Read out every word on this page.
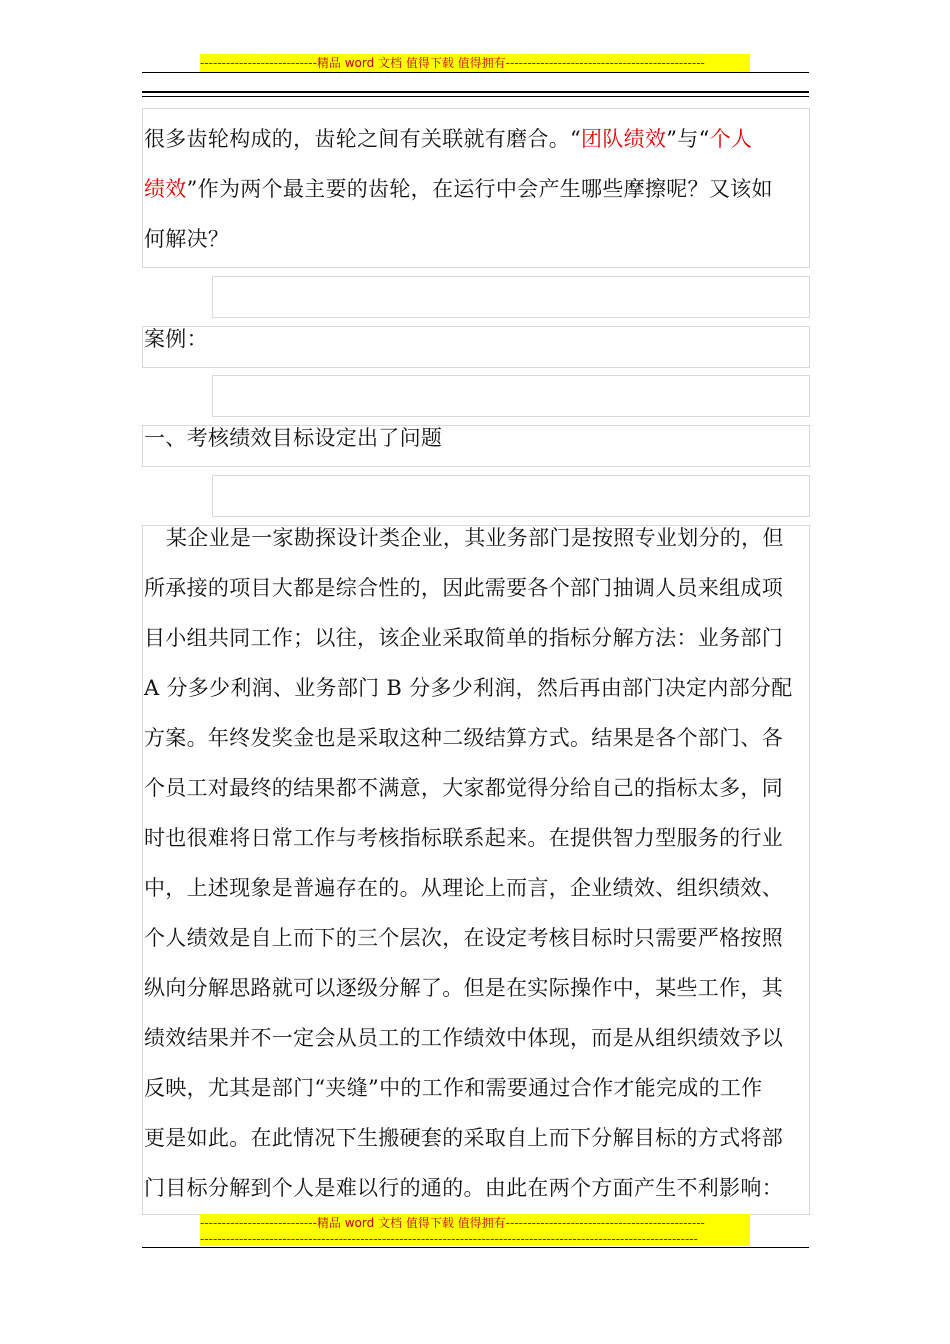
---------------------------精品 word 文档 值得下载 值得拥有----------------------------------------------
很多齿轮构成的，齿轮之间有关联就有磨合。“团队绩效”与“个人
绩效”作为两个最主要的齿轮，在运行中会产生哪些摩擦呢？又该如
何解决？
案例：
一、考核绩效目标设定出了问题
某企业是一家勘探设计类企业，其业务部门是按照专业划分的，但
所承接的项目大都是综合性的，因此需要各个部门抽调人员来组成项
目小组共同工作；以往，该企业采取简单的指标分解方法：业务部门
A 分多少利润、业务部门 B 分多少利润，然后再由部门决定内部分配
方案。年终发奖金也是采取这种二级结算方式。结果是各个部门、各
个员工对最终的结果都不满意，大家都觉得分给自己的指标太多，同
时也很难将日常工作与考核指标联系起来。在提供智力型服务的行业
中，上述现象是普遍存在的。从理论上而言，企业绩效、组织绩效、
个人绩效是自上而下的三个层次，在设定考核目标时只需要严格按照
纵向分解思路就可以逐级分解了。但是在实际操作中，某些工作，其
绩效结果并不一定会从员工的工作绩效中体现，而是从组织绩效予以
反映，尤其是部门“夹缝”中的工作和需要通过合作才能完成的工作
更是如此。在此情况下生搬硬套的采取自上而下分解目标的方式将部
门目标分解到个人是难以行的通的。由此在两个方面产生不利影响：
---------------------------精品 word 文档 值得下载 值得拥有----------------------------------------------
-------------------------------------------------------------------------------------------------------------------
